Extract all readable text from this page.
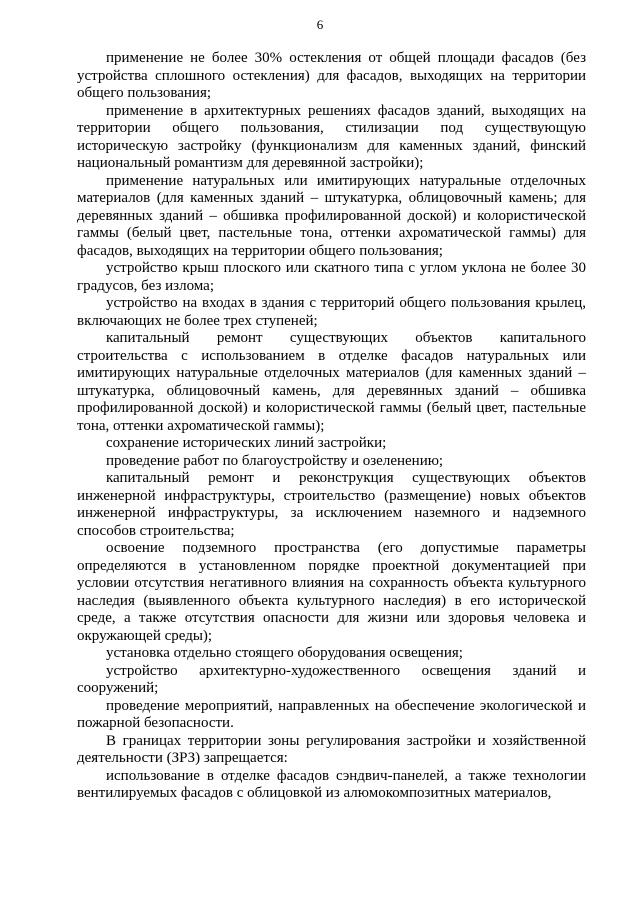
6

применение не более 30% остекления от общей площади фасадов (без устройства сплошного остекления) для фасадов, выходящих на территории общего пользования;

применение в архитектурных решениях фасадов зданий, выходящих на территории общего пользования, стилизации под существующую историческую застройку (функционализм для каменных зданий, финский национальный романтизм для деревянной застройки);

применение натуральных или имитирующих натуральные отделочных материалов (для каменных зданий – штукатурка, облицовочный камень; для деревянных зданий – обшивка профилированной доской) и колористической гаммы (белый цвет, пастельные тона, оттенки ахроматической гаммы) для фасадов, выходящих на территории общего пользования;

устройство крыш плоского или скатного типа с углом уклона не более 30 градусов, без излома;

устройство на входах в здания с территорий общего пользования крылец, включающих не более трех ступеней;

капитальный ремонт существующих объектов капитального строительства с использованием в отделке фасадов натуральных или имитирующих натуральные отделочных материалов (для каменных зданий – штукатурка, облицовочный камень, для деревянных зданий – обшивка профилированной доской) и колористической гаммы (белый цвет, пастельные тона, оттенки ахроматической гаммы);

сохранение исторических линий застройки;

проведение работ по благоустройству и озеленению;

капитальный ремонт и реконструкция существующих объектов инженерной инфраструктуры, строительство (размещение) новых объектов инженерной инфраструктуры, за исключением наземного и надземного способов строительства;

освоение подземного пространства (его допустимые параметры определяются в установленном порядке проектной документацией при условии отсутствия негативного влияния на сохранность объекта культурного наследия (выявленного объекта культурного наследия) в его исторической среде, а также отсутствия опасности для жизни или здоровья человека и окружающей среды);

установка отдельно стоящего оборудования освещения;

устройство архитектурно-художественного освещения зданий и сооружений;

проведение мероприятий, направленных на обеспечение экологической и пожарной безопасности.

В границах территории зоны регулирования застройки и хозяйственной деятельности (ЗРЗ) запрещается:

использование в отделке фасадов сэндвич-панелей, а также технологии вентилируемых фасадов с облицовкой из алюмокомпозитных материалов,
